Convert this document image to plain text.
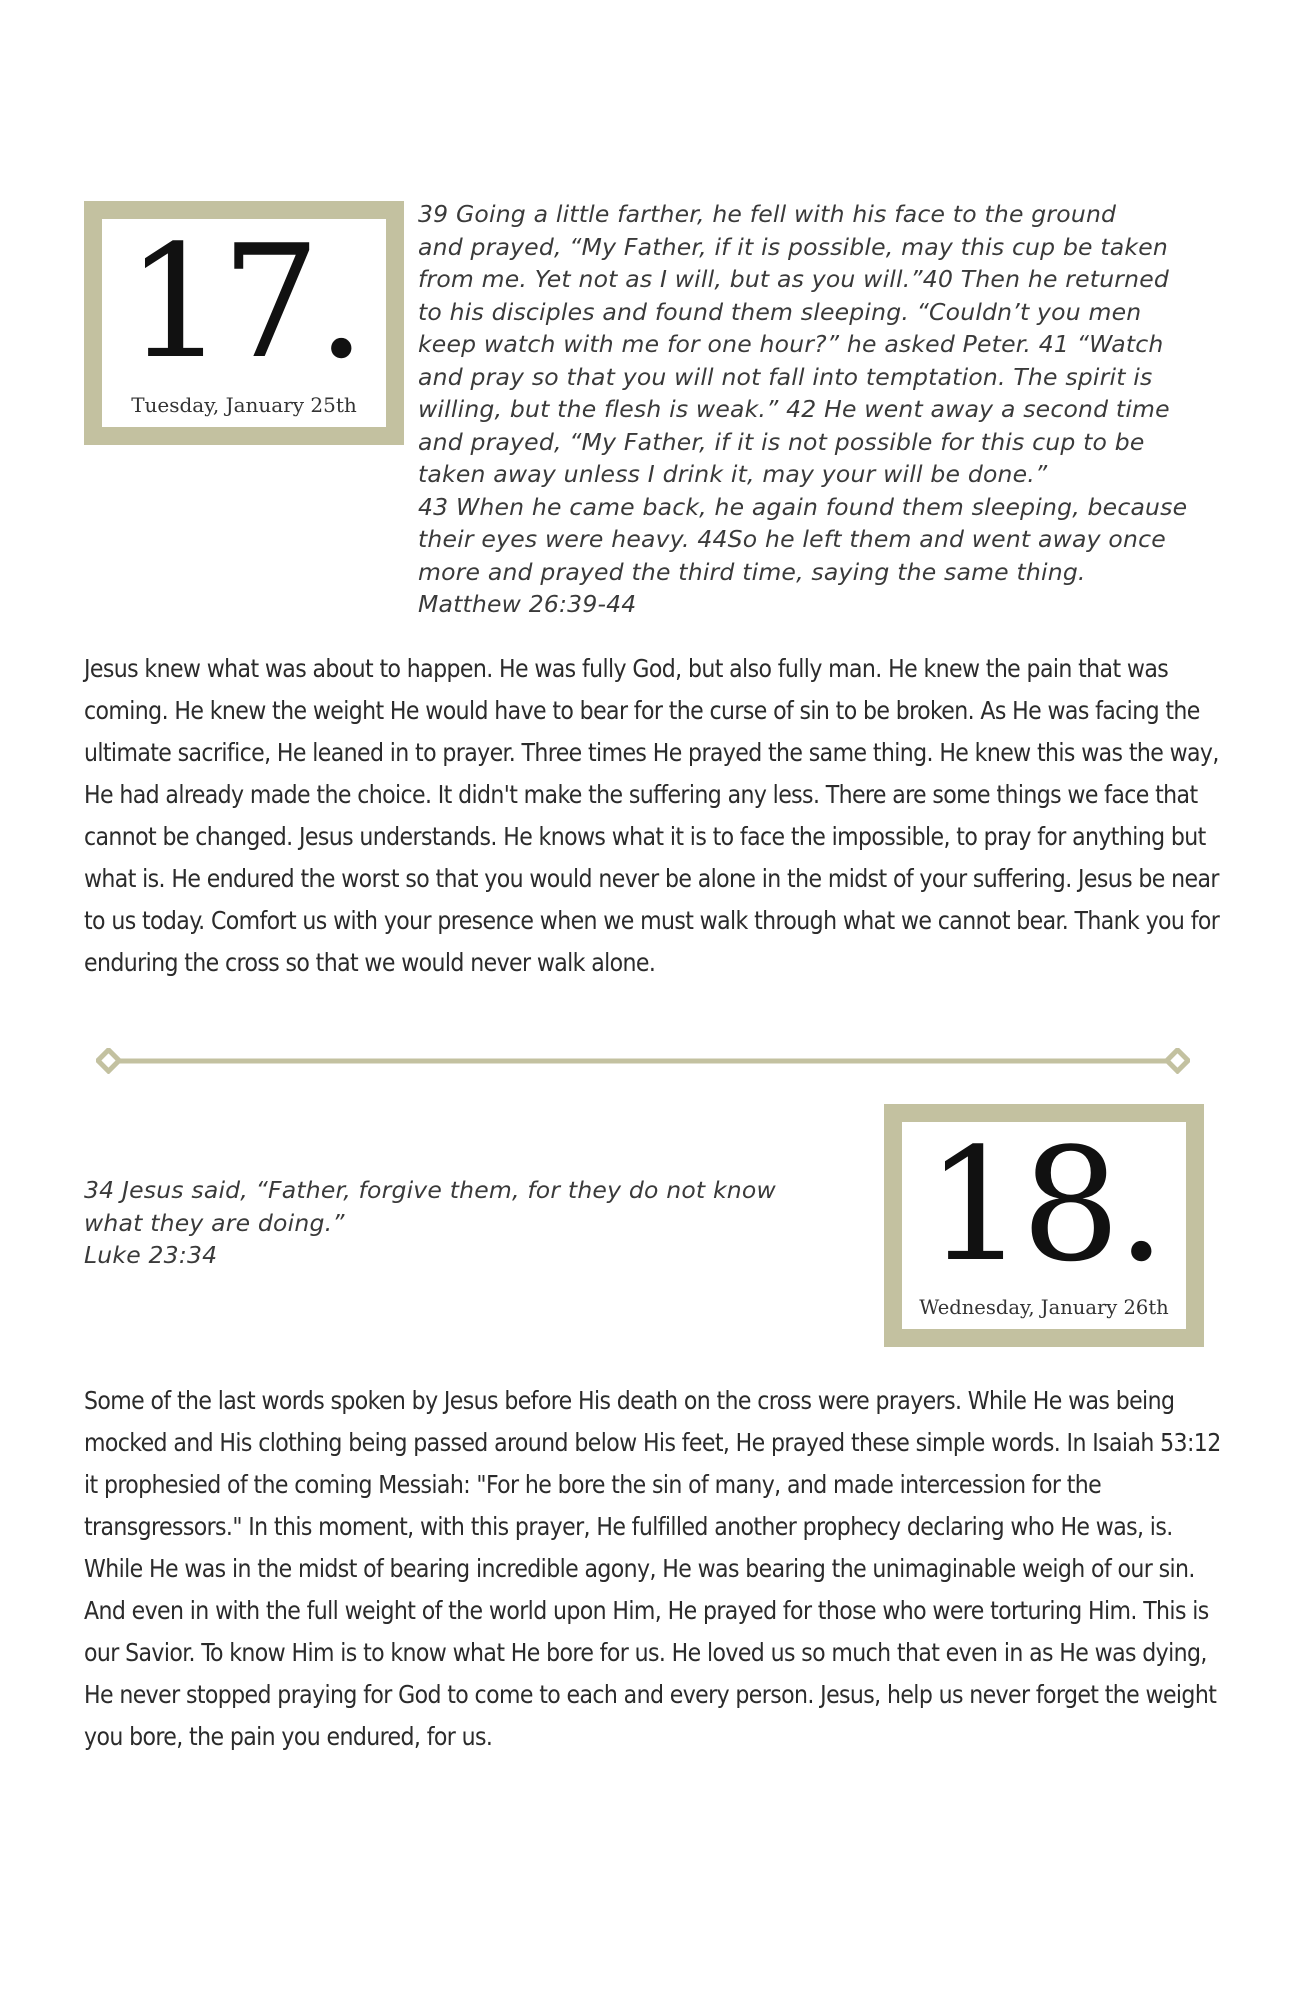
17.
Tuesday, January 25th

39 Going a little farther, he fell with his face to the ground
and prayed, “My Father, if it is possible, may this cup be taken
from me. Yet not as I will, but as you will.”40 Then he returned
to his disciples and found them sleeping. “Couldn’t you men
keep watch with me for one hour?” he asked Peter. 41 “Watch
and pray so that you will not fall into temptation. The spirit is
willing, but the flesh is weak.” 42 He went away a second time
and prayed, “My Father, if it is not possible for this cup to be
taken away unless I drink it, may your will be done.”
43 When he came back, he again found them sleeping, because
their eyes were heavy. 44So he left them and went away once
more and prayed the third time, saying the same thing.
Matthew 26:39-44

Jesus knew what was about to happen. He was fully God, but also fully man. He knew the pain that was coming. He knew the weight He would have to bear for the curse of sin to be broken. As He was facing the ultimate sacrifice, He leaned in to prayer. Three times He prayed the same thing. He knew this was the way, He had already made the choice. It didn't make the suffering any less. There are some things we face that cannot be changed. Jesus understands. He knows what it is to face the impossible, to pray for anything but what is. He endured the worst so that you would never be alone in the midst of your suffering. Jesus be near to us today. Comfort us with your presence when we must walk through what we cannot bear. Thank you for enduring the cross so that we would never walk alone.

34 Jesus said, “Father, forgive them, for they do not know
what they are doing.”
Luke 23:34	18.
Wednesday, January 26th

Some of the last words spoken by Jesus before His death on the cross were prayers. While He was being mocked and His clothing being passed around below His feet, He prayed these simple words. In Isaiah 53:12 it prophesied of the coming Messiah: "For he bore the sin of many, and made intercession for the transgressors." In this moment, with this prayer, He fulfilled another prophecy declaring who He was, is. While He was in the midst of bearing incredible agony, He was bearing the unimaginable weigh of our sin. And even in with the full weight of the world upon Him, He prayed for those who were torturing Him. This is our Savior. To know Him is to know what He bore for us. He loved us so much that even in as He was dying, He never stopped praying for God to come to each and every person. Jesus, help us never forget the weight you bore, the pain you endured, for us.
